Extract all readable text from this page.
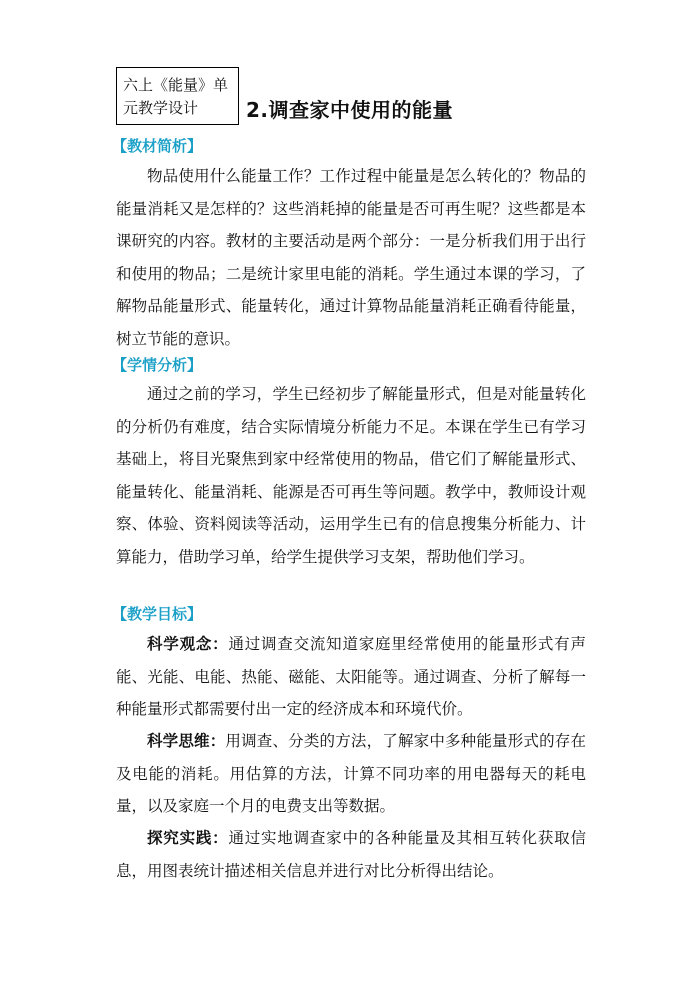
六上《能量》单
元教学设计	2.调查家中使用的能量
【教材简析】

物品使用什么能量工作？工作过程中能量是怎么转化的？物品的能量消耗又是怎样的？这些消耗掉的能量是否可再生呢？这些都是本课研究的内容。教材的主要活动是两个部分：一是分析我们用于出行和使用的物品；二是统计家里电能的消耗。学生通过本课的学习，了解物品能量形式、能量转化，通过计算物品能量消耗正确看待能量，树立节能的意识。

【学情分析】

通过之前的学习，学生已经初步了解能量形式，但是对能量转化的分析仍有难度，结合实际情境分析能力不足。本课在学生已有学习基础上，将目光聚焦到家中经常使用的物品，借它们了解能量形式、能量转化、能量消耗、能源是否可再生等问题。教学中，教师设计观察、体验、资料阅读等活动，运用学生已有的信息搜集分析能力、计算能力，借助学习单，给学生提供学习支架，帮助他们学习。

【教学目标】

科学观念：通过调查交流知道家庭里经常使用的能量形式有声能、光能、电能、热能、磁能、太阳能等。通过调查、分析了解每一种能量形式都需要付出一定的经济成本和环境代价。

科学思维：用调查、分类的方法，了解家中多种能量形式的存在及电能的消耗。用估算的方法，计算不同功率的用电器每天的耗电量，以及家庭一个月的电费支出等数据。

探究实践：通过实地调查家中的各种能量及其相互转化获取信息，用图表统计描述相关信息并进行对比分析得出结论。
